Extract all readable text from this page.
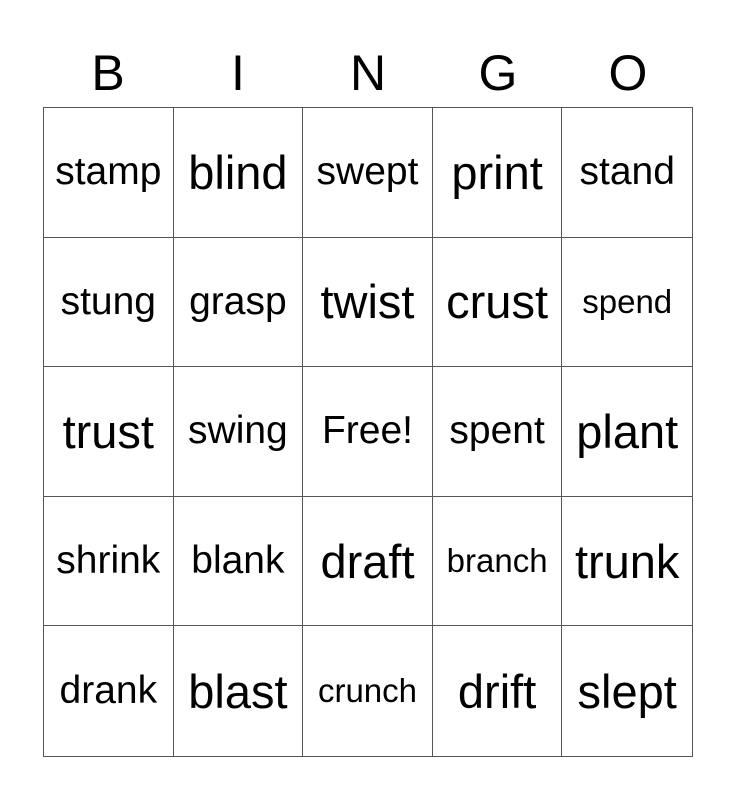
B	I	N	G	O
stamp blind swept print stand
stung grasp twist crust	spend
trust swing Free! spent plant
shrink blank draft branch trunk
drank blast crunch drift slept
